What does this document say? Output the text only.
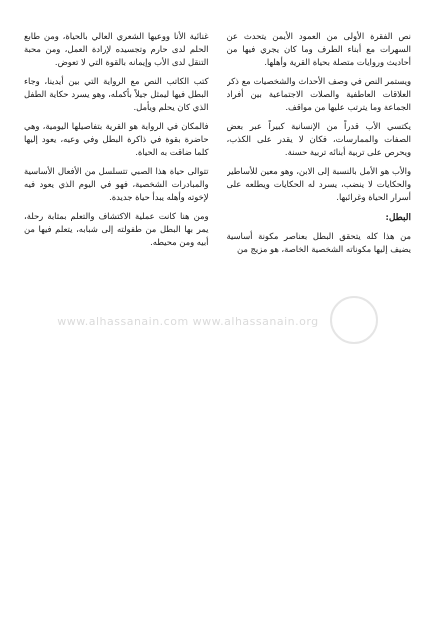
نص الفقرة الأولى من العمود الأيمن يتحدث عن السهرات مع أبناء الطرف وما كان يجري فيها من أحاديث وروايات متصلة بحياة القرية وأهلها.

ويستمر النص في وصف الأحداث والشخصيات مع ذكر العلاقات العاطفية والصلات الاجتماعية بين أفراد الجماعة وما يترتب عليها من مواقف.

يكتسي الأب قدراً من الإنسانية كبيراً عبر بعض الصفات والممارسات، فكان لا يقدر على الكذب، ويحرص على تربية أبنائه تربية حسنة.

والأب هو الأمل بالنسبة إلى الابن، وهو معين للأساطير والحكايات لا ينضب، يسرد له الحكايات ويطلعه على أسرار الحياة وغرائبها.

البطل:

من هذا كله يتحقق البطل بعناصر مكونة أساسية يضيف إليها مكوناته الشخصية الخاصة، هو مزيج من

غنائية الأنا ووعيها الشعري العالي بالحياة، ومن طابع الحلم لدى حارم وتجسيده لإرادة العمل، ومن محبة التنقل لدى الأب وإيمانه بالقوة التي لا تعوض.

كتب الكاتب النص مع الرواية التي بين أيدينا، وجاء البطل فيها ليمثل جيلاً بأكمله، وهو يسرد حكاية الطفل الذي كان يحلم ويأمل.

فالمكان في الرواية هو القرية بتفاصيلها اليومية، وهي حاضرة بقوة في ذاكرة البطل وفي وعيه، يعود إليها كلما ضاقت به الحياة.

تتوالى حياة هذا الصبي تتسلسل من الأفعال الأساسية والمبادرات الشخصية، فهو في اليوم الذي يعود فيه لإخوته وأهله يبدأ حياة جديدة.

ومن هنا كانت عملية الاكتشاف والتعلم بمثابة رحلة، يمر بها البطل من طفولته إلى شبابه، يتعلم فيها من أبيه ومن محيطه.

www.alhassanain.com www.alhassanain.org
